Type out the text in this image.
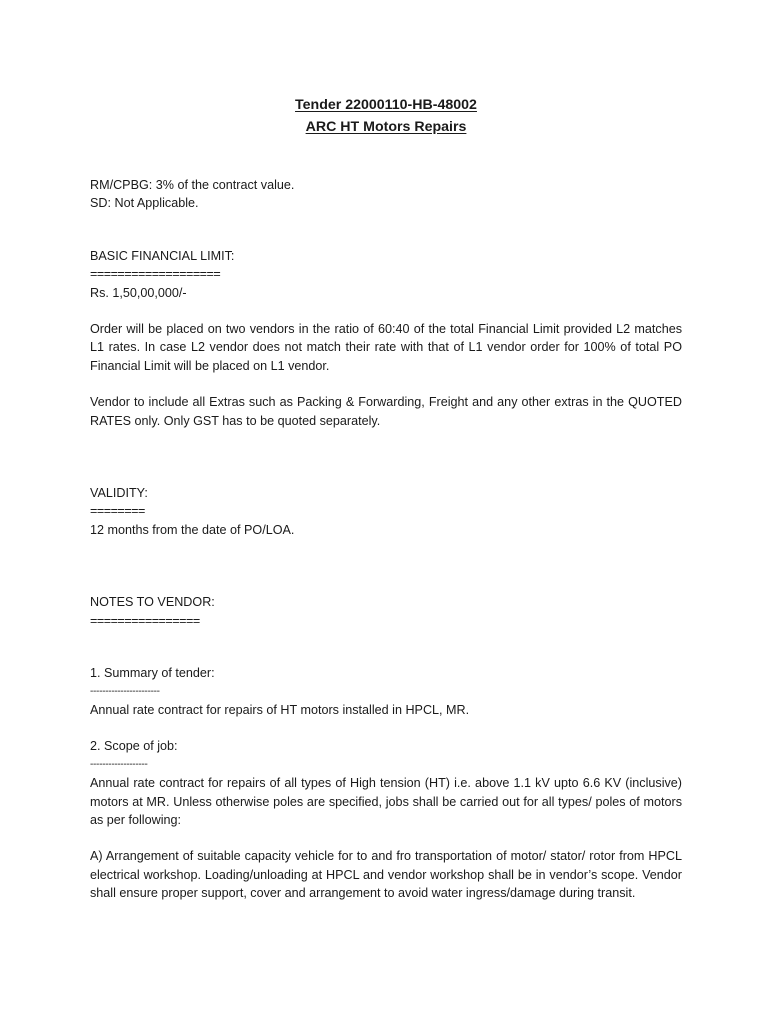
Tender 22000110-HB-48002
ARC HT Motors Repairs

RM/CPBG: 3% of the contract value.

SD: Not Applicable.

BASIC FINANCIAL LIMIT:

===================

Rs. 1,50,00,000/-

Order will be placed on two vendors in the ratio of 60:40 of the total Financial Limit provided L2 matches L1 rates. In case L2 vendor does not match their rate with that of L1 vendor order for 100% of total PO Financial Limit will be placed on L1 vendor.

Vendor to include all Extras such as Packing & Forwarding, Freight and any other extras in the QUOTED RATES only. Only GST has to be quoted separately.

VALIDITY:

========

12 months from the date of PO/LOA.

NOTES TO VENDOR:

================

1. Summary of tender:

-----------------------

Annual rate contract for repairs of HT motors installed in HPCL, MR.

2. Scope of job:

-------------------

Annual rate contract for repairs of all types of High tension (HT) i.e. above 1.1 kV upto 6.6 KV (inclusive) motors at MR. Unless otherwise poles are specified, jobs shall be carried out for all types/ poles of motors as per following:

A) Arrangement of suitable capacity vehicle for to and fro transportation of motor/ stator/ rotor from HPCL electrical workshop. Loading/unloading at HPCL and vendor workshop shall be in vendor’s scope. Vendor shall ensure proper support, cover and arrangement to avoid water ingress/damage during transit.
